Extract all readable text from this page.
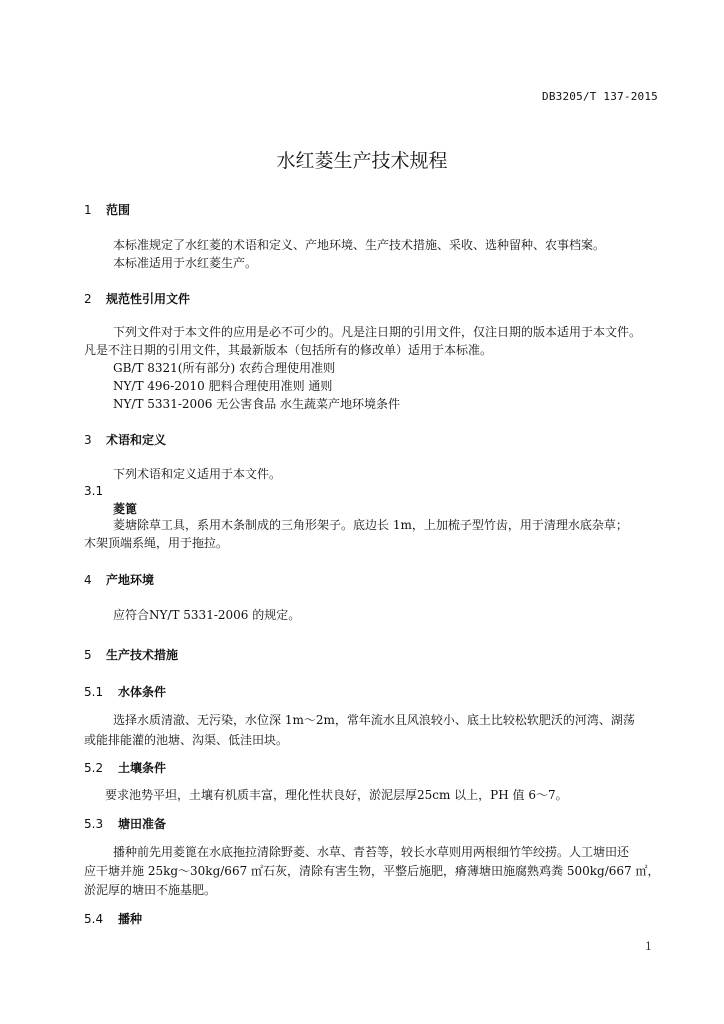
DB3205/T 137-2015
水红菱生产技术规程
1 范围
本标准规定了水红菱的术语和定义、产地环境、生产技术措施、采收、选种留种、农事档案。
本标准适用于水红菱生产。
2 规范性引用文件
下列文件对于本文件的应用是必不可少的。凡是注日期的引用文件，仅注日期的版本适用于本文件。
凡是不注日期的引用文件，其最新版本（包括所有的修改单）适用于本标准。
GB/T 8321(所有部分) 农药合理使用准则
NY/T 496-2010 肥料合理使用准则 通则
NY/T 5331-2006 无公害食品 水生蔬菜产地环境条件
3 术语和定义
下列术语和定义适用于本文件。
3.1
菱篦
菱塘除草工具，系用木条制成的三角形架子。底边长 1m，上加梳子型竹齿，用于清理水底杂草；
木架顶端系绳，用于拖拉。
4 产地环境
应符合NY/T 5331-2006 的规定。
5 生产技术措施
5.1 水体条件
选择水质清澈、无污染，水位深 1m～2m，常年流水且风浪较小、底土比较松软肥沃的河湾、湖荡
或能排能灌的池塘、沟渠、低洼田块。
5.2 土壤条件
要求池势平坦，土壤有机质丰富，理化性状良好，淤泥层厚25cm 以上，PH 值 6～7。
5.3 塘田准备
播种前先用菱篦在水底拖拉清除野菱、水草、青苔等，较长水草则用两根细竹竿绞捞。人工塘田还
应干塘并施 25kg～30kg/667 ㎡石灰，清除有害生物，平整后施肥，瘠薄塘田施腐熟鸡粪 500kg/667 ㎡，
淤泥厚的塘田不施基肥。
5.4 播种
1
